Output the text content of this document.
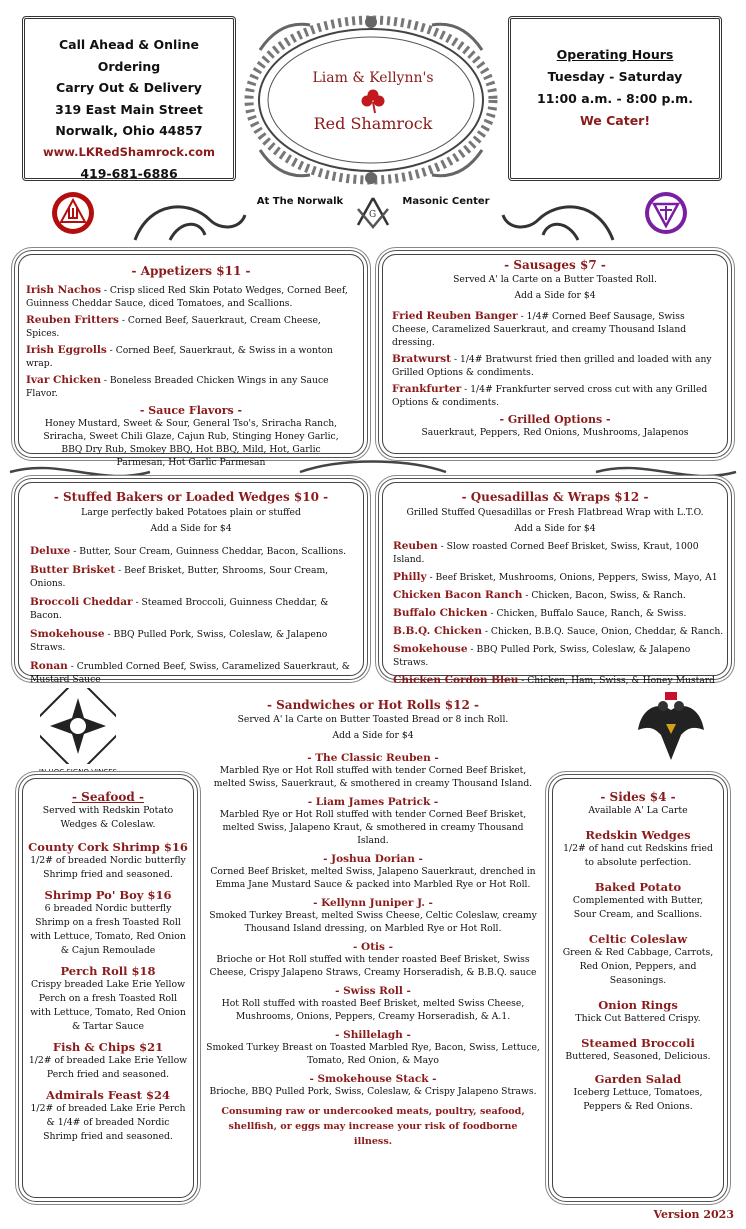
Call Ahead & Online Ordering
Carry Out & Delivery
319 East Main Street
Norwalk, Ohio 44857
www.LKRedShamrock.com
419-681-6886
Liam & Kellynn's
Red Shamrock
Operating Hours
Tuesday - Saturday
11:00 a.m. - 8:00 p.m.
We Cater!
At The Norwalk
G
Masonic Center
- Appetizers $11 -
Irish Nachos - Crisp sliced Red Skin Potato Wedges, Corned Beef, Guinness Cheddar Sauce, diced Tomatoes, and Scallions.
Reuben Fritters - Corned Beef, Sauerkraut, Cream Cheese, Spices.
Irish Eggrolls - Corned Beef, Sauerkraut, & Swiss in a wonton wrap.
Ivar Chicken - Boneless Breaded Chicken Wings in any Sauce Flavor.
- Sauce Flavors -
Honey Mustard, Sweet & Sour, General Tso's, Sriracha Ranch, Sriracha, Sweet Chili Glaze, Cajun Rub, Stinging Honey Garlic, BBQ Dry Rub, Smokey BBQ, Hot BBQ, Mild, Hot, Garlic Parmesan, Hot Garlic Parmesan
- Sausages $7 -
Served A' la Carte on a Butter Toasted Roll.
Add a Side for $4
Fried Reuben Banger - 1/4# Corned Beef Sausage, Swiss Cheese, Caramelized Sauerkraut, and creamy Thousand Island dressing.
Bratwurst - 1/4# Bratwurst fried then grilled and loaded with any Grilled Options & condiments.
Frankfurter - 1/4# Frankfurter served cross cut with any Grilled Options & condiments.
- Grilled Options -
Sauerkraut, Peppers, Red Onions, Mushrooms, Jalapenos
- Stuffed Bakers or Loaded Wedges $10 -
Large perfectly baked Potatoes plain or stuffed
Add a Side for $4
Deluxe - Butter, Sour Cream, Guinness Cheddar, Bacon, Scallions.
Butter Brisket - Beef Brisket, Butter, Shrooms, Sour Cream, Onions.
Broccoli Cheddar - Steamed Broccoli, Guinness Cheddar, & Bacon.
Smokehouse - BBQ Pulled Pork, Swiss, Coleslaw, & Jalapeno Straws.
Ronan - Crumbled Corned Beef, Swiss, Caramelized Sauerkraut, & Mustard Sauce
- Quesadillas & Wraps $12 -
Grilled Stuffed Quesadillas or Fresh Flatbread Wrap with L.T.O.
Add a Side for $4
Reuben - Slow roasted Corned Beef Brisket, Swiss, Kraut, 1000 Island.
Philly - Beef Brisket, Mushrooms, Onions, Peppers, Swiss, Mayo, A1
Chicken Bacon Ranch - Chicken, Bacon, Swiss, & Ranch.
Buffalo Chicken - Chicken, Buffalo Sauce, Ranch, & Swiss.
B.B.Q. Chicken - Chicken, B.B.Q. Sauce, Onion, Cheddar, & Ranch.
Smokehouse - BBQ Pulled Pork, Swiss, Coleslaw, & Jalapeno Straws.
Chicken Cordon Bleu - Chicken, Ham, Swiss, & Honey Mustard
IN HOC SIGNO VINCES
- Sandwiches or Hot Rolls $12 -
Served A' la Carte on Butter Toasted Bread or 8 inch Roll.
Add a Side for $4
- The Classic Reuben -
Marbled Rye or Hot Roll stuffed with tender Corned Beef Brisket, melted Swiss, Sauerkraut, & smothered in creamy Thousand Island.
- Liam James Patrick -
Marbled Rye or Hot Roll stuffed with tender Corned Beef Brisket, melted Swiss, Jalapeno Kraut, & smothered in creamy Thousand Island.
- Joshua Dorian -
Corned Beef Brisket, melted Swiss, Jalapeno Sauerkraut, drenched in Emma Jane Mustard Sauce & packed into Marbled Rye or Hot Roll.
- Kellynn Juniper J. -
Smoked Turkey Breast, melted Swiss Cheese, Celtic Coleslaw, creamy Thousand Island dressing, on Marbled Rye or Hot Roll.
- Otis -
Brioche or Hot Roll stuffed with tender roasted Beef Brisket, Swiss Cheese, Crispy Jalapeno Straws, Creamy Horseradish, & B.B.Q. sauce
- Swiss Roll -
Hot Roll stuffed with roasted Beef Brisket, melted Swiss Cheese, Mushrooms, Onions, Peppers, Creamy Horseradish, & A.1.
- Shillelagh -
Smoked Turkey Breast on Toasted Marbled Rye, Bacon, Swiss, Lettuce, Tomato, Red Onion, & Mayo
- Smokehouse Stack -
Brioche, BBQ Pulled Pork, Swiss, Coleslaw, & Crispy Jalapeno Straws.
Consuming raw or undercooked meats, poultry, seafood, shellfish, or eggs may increase your risk of foodborne illness.
- Seafood -
Served with Redskin Potato Wedges & Coleslaw.
County Cork Shrimp $16
1/2# of breaded Nordic butterfly Shrimp fried and seasoned.
Shrimp Po' Boy $16
6 breaded Nordic butterfly Shrimp on a fresh Toasted Roll with Lettuce, Tomato, Red Onion & Cajun Remoulade
Perch Roll $18
Crispy breaded Lake Erie Yellow Perch on a fresh Toasted Roll with Lettuce, Tomato, Red Onion & Tartar Sauce
Fish & Chips $21
1/2# of breaded Lake Erie Yellow Perch fried and seasoned.
Admirals Feast $24
1/2# of breaded Lake Erie Perch & 1/4# of breaded Nordic Shrimp fried and seasoned.
- Sides $4 -
Available A' La Carte
Redskin Wedges
1/2# of hand cut Redskins fried to absolute perfection.
Baked Potato
Complemented with Butter, Sour Cream, and Scallions.
Celtic Coleslaw
Green & Red Cabbage, Carrots, Red Onion, Peppers, and Seasonings.
Onion Rings
Thick Cut Battered Crispy.
Steamed Broccoli
Buttered, Seasoned, Delicious.
Garden Salad
Iceberg Lettuce, Tomatoes, Peppers & Red Onions.
Version 2023
